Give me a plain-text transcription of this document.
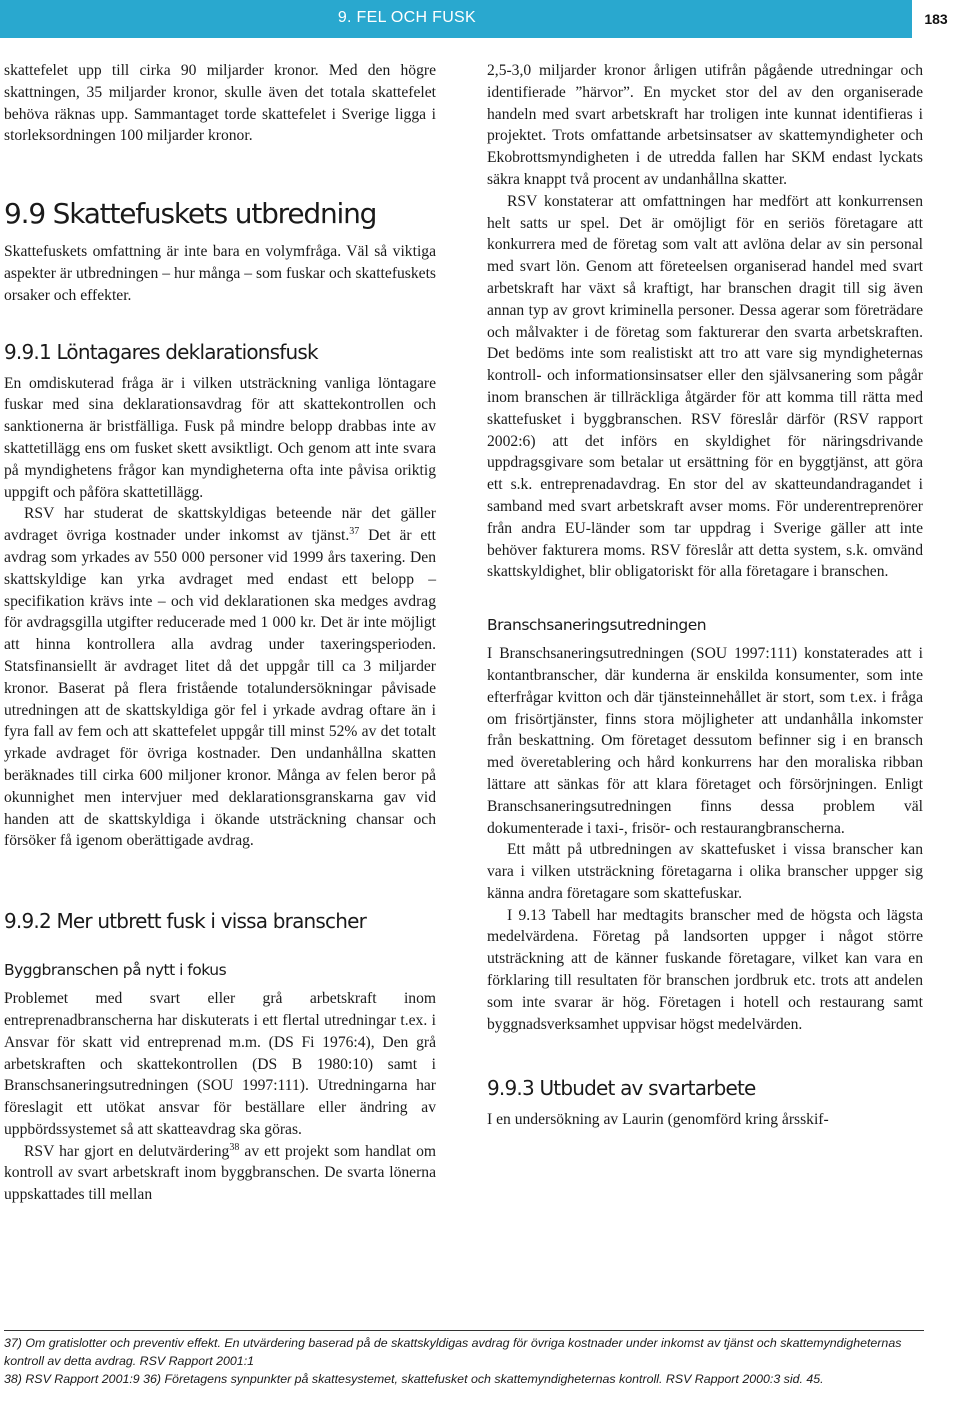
9. FEL OCH FUSK	183

skattefelet upp till cirka 90 miljarder kronor. Med den högre skattningen, 35 miljarder kronor, skulle även det totala skattefelet behöva räknas upp. Sammantaget torde skattefelet i Sverige ligga i storleksordningen 100 miljarder kronor.

9.9 Skattefuskets utbredning

Skattefuskets omfattning är inte bara en volymfråga. Väl så viktiga aspekter är utbredningen – hur många – som fuskar och skattefuskets orsaker och effekter.

9.9.1 Löntagares deklarationsfusk

En omdiskuterad fråga är i vilken utsträckning vanliga löntagare fuskar med sina deklarationsavdrag för att skattekontrollen och sanktionerna är bristfälliga. Fusk på mindre belopp drabbas inte av skattetillägg ens om fusket skett avsiktligt. Och genom att inte svara på myndighetens frågor kan myndigheterna ofta inte påvisa oriktig uppgift och påföra skattetillägg.

RSV har studerat de skattskyldigas beteende när det gäller avdraget övriga kostnader under inkomst av tjänst.$^{37}$ Det är ett avdrag som yrkades av 550 000 personer vid 1999 års taxering. Den skattskyldige kan yrka avdraget med endast ett belopp – specifikation krävs inte – och vid deklarationen ska medges avdrag för avdragsgilla utgifter reducerade med 1 000 kr. Det är inte möjligt att hinna kontrollera alla avdrag under taxeringsperioden. Statsfinansiellt är avdraget litet då det uppgår till ca 3 miljarder kronor. Baserat på flera fristående totalundersökningar påvisade utredningen att de skattskyldiga gör fel i yrkade avdrag oftare än i fyra fall av fem och att skattefelet uppgår till minst 52% av det totalt yrkade avdraget för övriga kostnader. Den undanhållna skatten beräknades till cirka 600 miljoner kronor. Många av felen beror på okunnighet men intervjuer med deklarationsgranskarna gav vid handen att de skattskyldiga i ökande utsträckning chansar och försöker få igenom oberättigade avdrag.

9.9.2 Mer utbrett fusk i vissa branscher
Byggbranschen på nytt i fokus

Problemet med svart eller grå arbetskraft inom entreprenadbranscherna har diskuterats i ett flertal utredningar t.ex. i Ansvar för skatt vid entreprenad m.m. (DS Fi 1976:4), Den grå arbetskraften och skattekontrollen (DS B 1980:10) samt i Branschsaneringsutredningen (SOU 1997:111). Utredningarna har föreslagit ett utökat ansvar för beställare eller ändring av uppbördssystemet så att skatteavdrag ska göras.

RSV har gjort en delutvärdering$^{38}$ av ett projekt som handlat om kontroll av svart arbetskraft inom byggbranschen. De svarta lönerna uppskattades till mellan

2,5-3,0 miljarder kronor årligen utifrån pågående utredningar och identifierade ”härvor”. En mycket stor del av den organiserade handeln med svart arbetskraft har troligen inte kunnat identifieras i projektet. Trots omfattande arbetsinsatser av skattemyndigheter och Ekobrottsmyndigheten i de utredda fallen har SKM endast lyckats säkra knappt två procent av undanhållna skatter.

RSV konstaterar att omfattningen har medfört att konkurrensen helt satts ur spel. Det är omöjligt för en seriös företagare att konkurrera med de företag som valt att avlöna delar av sin personal med svart lön. Genom att företeelsen organiserad handel med svart arbetskraft har växt så kraftigt, har branschen dragit till sig även annan typ av grovt kriminella personer. Dessa agerar som företrädare och målvakter i de företag som fakturerar den svarta arbetskraften. Det bedöms inte som realistiskt att tro att vare sig myndigheternas kontroll- och informationsinsatser eller den självsanering som pågår inom branschen är tillräckliga åtgärder för att komma till rätta med skattefusket i byggbranschen. RSV föreslår därför (RSV rapport 2002:6) att det införs en skyldighet för näringsdrivande uppdragsgivare som betalar ut ersättning för en byggtjänst, att göra ett s.k. entreprenadavdrag. En stor del av skatteundandragandet i samband med svart arbetskraft avser moms. För underentreprenörer från andra EU-länder som tar uppdrag i Sverige gäller att inte behöver fakturera moms. RSV föreslår att detta system, s.k. omvänd skattskyldighet, blir obligatoriskt för alla företagare i branschen.

Branschsaneringsutredningen

I Branschsaneringsutredningen (SOU 1997:111) konstaterades att i kontantbranscher, där kunderna är enskilda konsumenter, som inte efterfrågar kvitton och där tjänsteinnehållet är stort, som t.ex. i fråga om frisörtjänster, finns stora möjligheter att undanhålla inkomster från beskattning. Om företaget dessutom befinner sig i en bransch med överetablering och hård konkurrens har den moraliska ribban lättare att sänkas för att klara företaget och försörjningen. Enligt Branschsaneringsutredningen finns dessa problem väl dokumenterade i taxi-, frisör- och restaurangbranscherna.

Ett mått på utbredningen av skattefusket i vissa branscher kan vara i vilken utsträckning företagarna i olika branscher uppger sig känna andra företagare som skattefuskar.

I 9.13 Tabell har medtagits branscher med de högsta och lägsta medelvärdena. Företag på landsorten uppger i något större utsträckning att de känner fuskande företagare, vilket kan vara en förklaring till resultaten för branschen jordbruk etc. trots att andelen som inte svarar är hög. Företagen i hotell och restaurang samt byggnadsverksamhet uppvisar högst medelvärden.

9.9.3 Utbudet av svartarbete

I en undersökning av Laurin (genomförd kring årsskif-

37) Om gratislotter och preventiv effekt. En utvärdering baserad på de skattskyldigas avdrag för övriga kostnader under inkomst av tjänst och skattemyndigheternas kontroll av detta avdrag. RSV Rapport 2001:1
38) RSV Rapport 2001:9 36) Företagens synpunkter på skattesystemet, skattefusket och skattemyndigheternas kontroll. RSV Rapport 2000:3 sid. 45.
